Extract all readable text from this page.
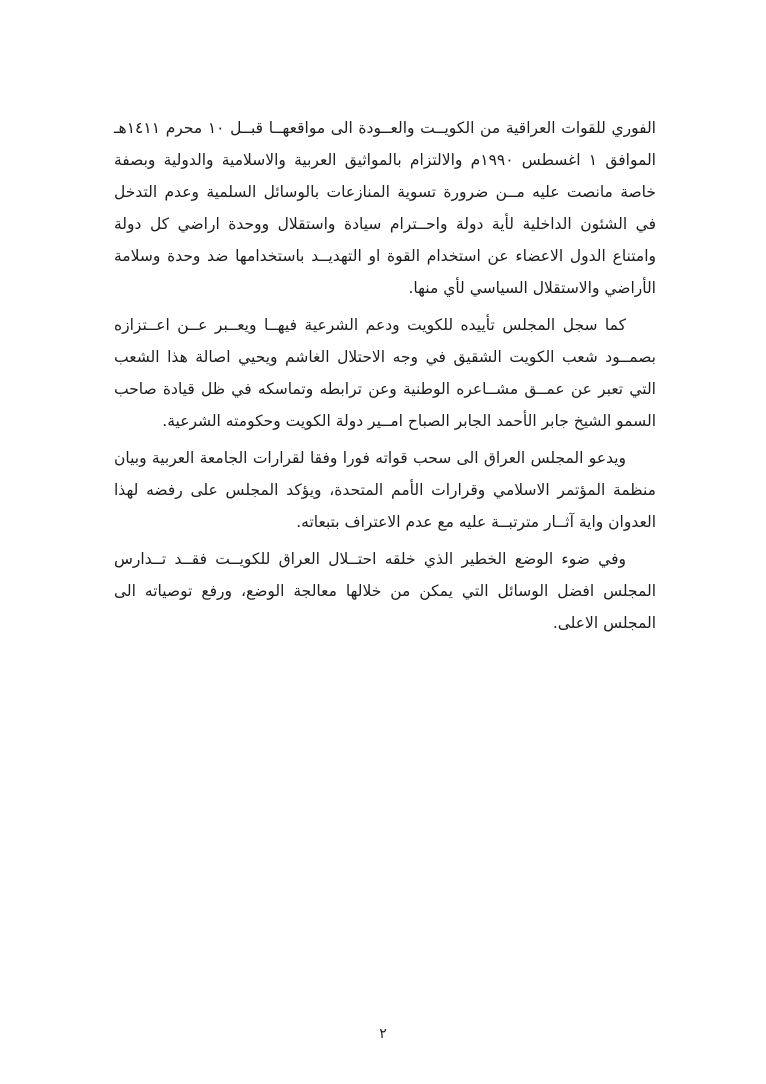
الفوري للقوات العراقية من الكويــت والعــودة الى مواقعهــا قبــل ١٠ محرم ١٤١١هـ الموافق ١ اغسطس ١٩٩٠م والالتزام بالمواثيق العربية والاسلامية والدولية وبصفة خاصة مانصت عليه مــن ضرورة تسوية المنازعات بالوسائل السلمية وعدم التدخل في الشئون الداخلية لأية دولة واحــترام سيادة واستقلال ووحدة اراضي كل دولة وامتناع الدول الاعضاء عن استخدام القوة او التهديــد باستخدامها ضد وحدة وسلامة الأراضي والاستقلال السياسي لأي منها.

كما سجل المجلس تأييده للكويت ودعم الشرعية فيهــا ويعــبر عــن اعــتزازه بصمــود شعب الكويت الشقيق في وجه الاحتلال الغاشم ويحيي اصالة هذا الشعب التي تعبر عن عمــق مشــاعره الوطنية وعن ترابطه وتماسكه في ظل قيادة صاحب السمو الشيخ جابر الأحمد الجابر الصباح امــير دولة الكويت وحكومته الشرعية.

ويدعو المجلس العراق الى سحب قواته فورا وفقا لقرارات الجامعة العربية وبيان منظمة المؤتمر الاسلامي وقرارات الأمم المتحدة، ويؤكد المجلس على رفضه لهذا العدوان واية آثــار مترتبــة عليه مع عدم الاعتراف بتبعاته.

وفي ضوء الوضع الخطير الذي خلقه احتــلال العراق للكويــت فقــد تــدارس المجلس افضل الوسائل التي يمكن من خلالها معالجة الوضع، ورفع توصياته الى المجلس الاعلى.

٢
